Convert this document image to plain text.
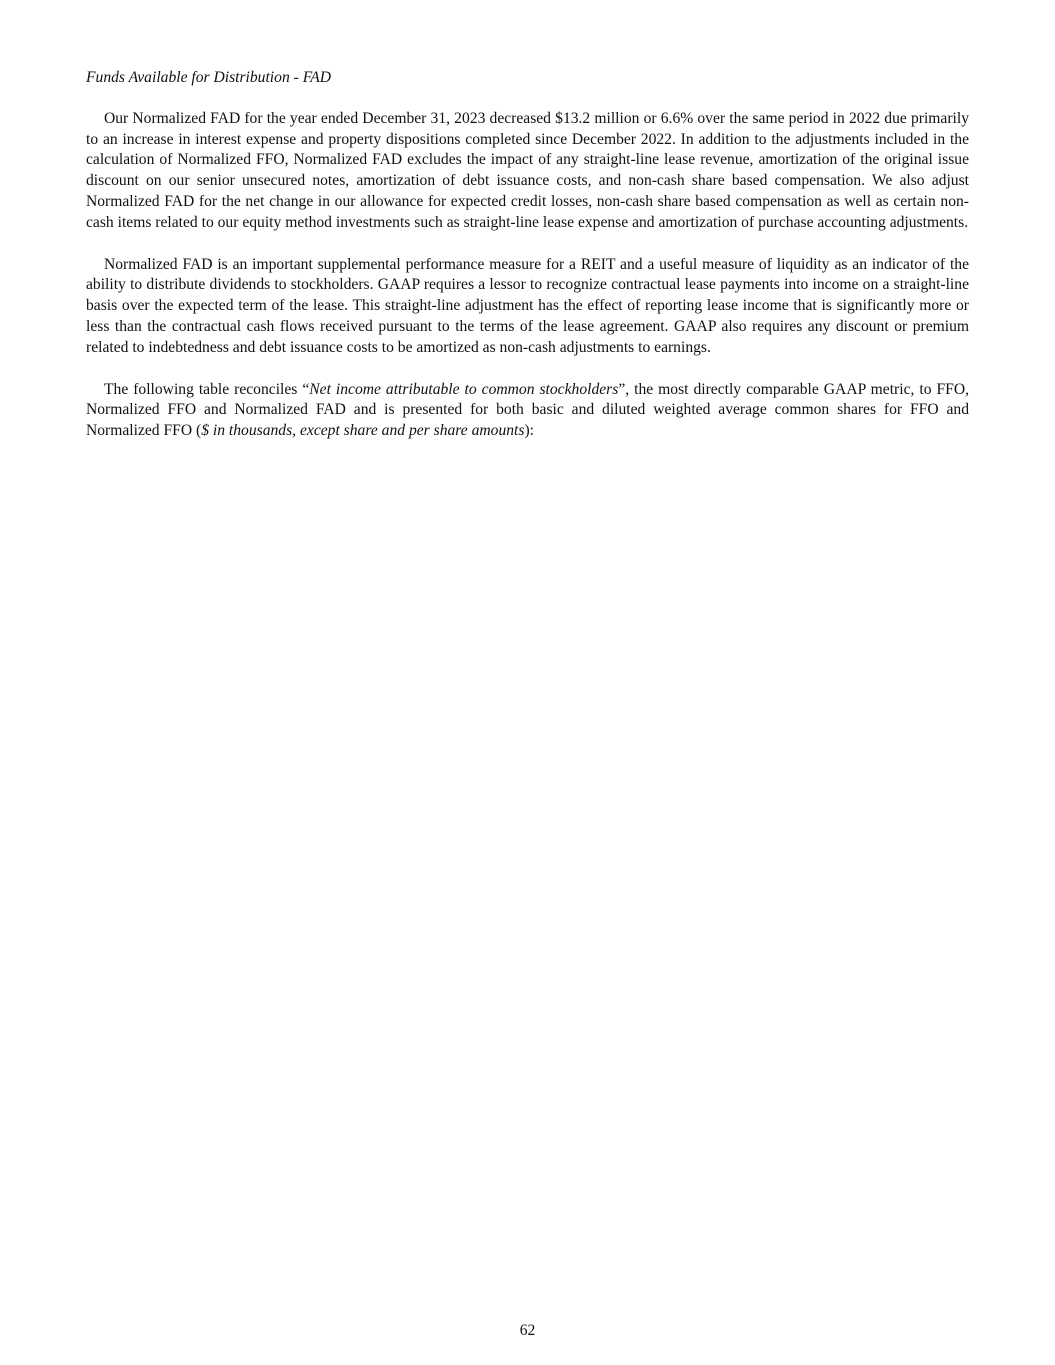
Funds Available for Distribution - FAD

Our Normalized FAD for the year ended December 31, 2023 decreased $13.2 million or 6.6% over the same period in 2022 due primarily to an increase in interest expense and property dispositions completed since December 2022. In addition to the adjustments included in the calculation of Normalized FFO, Normalized FAD excludes the impact of any straight-line lease revenue, amortization of the original issue discount on our senior unsecured notes, amortization of debt issuance costs, and non-cash share based compensation. We also adjust Normalized FAD for the net change in our allowance for expected credit losses, non-cash share based compensation as well as certain non-cash items related to our equity method investments such as straight-line lease expense and amortization of purchase accounting adjustments.

Normalized FAD is an important supplemental performance measure for a REIT and a useful measure of liquidity as an indicator of the ability to distribute dividends to stockholders. GAAP requires a lessor to recognize contractual lease payments into income on a straight-line basis over the expected term of the lease. This straight-line adjustment has the effect of reporting lease income that is significantly more or less than the contractual cash flows received pursuant to the terms of the lease agreement. GAAP also requires any discount or premium related to indebtedness and debt issuance costs to be amortized as non-cash adjustments to earnings.

The following table reconciles “Net income attributable to common stockholders”, the most directly comparable GAAP metric, to FFO, Normalized FFO and Normalized FAD and is presented for both basic and diluted weighted average common shares for FFO and Normalized FFO ($ in thousands, except share and per share amounts):

62
